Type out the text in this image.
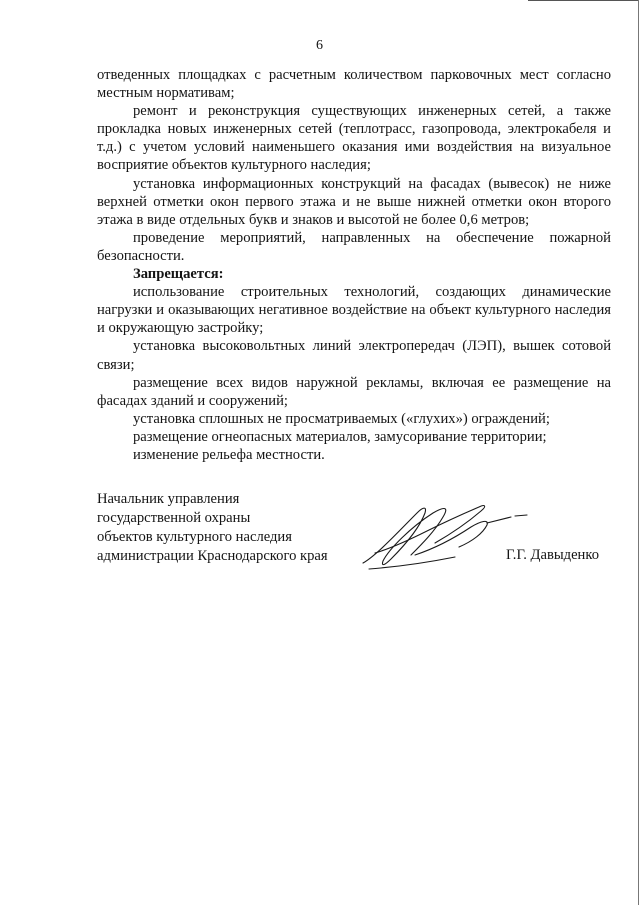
6

отведенных площадках с расчетным количеством парковочных мест согласно местным нормативам;

ремонт и реконструкция существующих инженерных сетей, а также прокладка новых инженерных сетей (теплотрасс, газопровода, электрокабеля и т.д.) с учетом условий наименьшего оказания ими воздействия на визуальное восприятие объектов культурного наследия;

установка информационных конструкций на фасадах (вывесок) не ниже верхней отметки окон первого этажа и не выше нижней отметки окон второго этажа в виде отдельных букв и знаков и высотой не более 0,6 метров;

проведение мероприятий, направленных на обеспечение пожарной безопасности.

Запрещается:

использование строительных технологий, создающих динамические нагрузки и оказывающих негативное воздействие на объект культурного наследия и окружающую застройку;

установка высоковольтных линий электропередач (ЛЭП), вышек сотовой связи;

размещение всех видов наружной рекламы, включая ее размещение на фасадах зданий и сооружений;

установка сплошных не просматриваемых («глухих») ограждений;

размещение огнеопасных материалов, замусоривание территории;

изменение рельефа местности.

Начальник управления
государственной охраны
объектов культурного наследия
администрации Краснодарского края	Г.Г. Давыденко
